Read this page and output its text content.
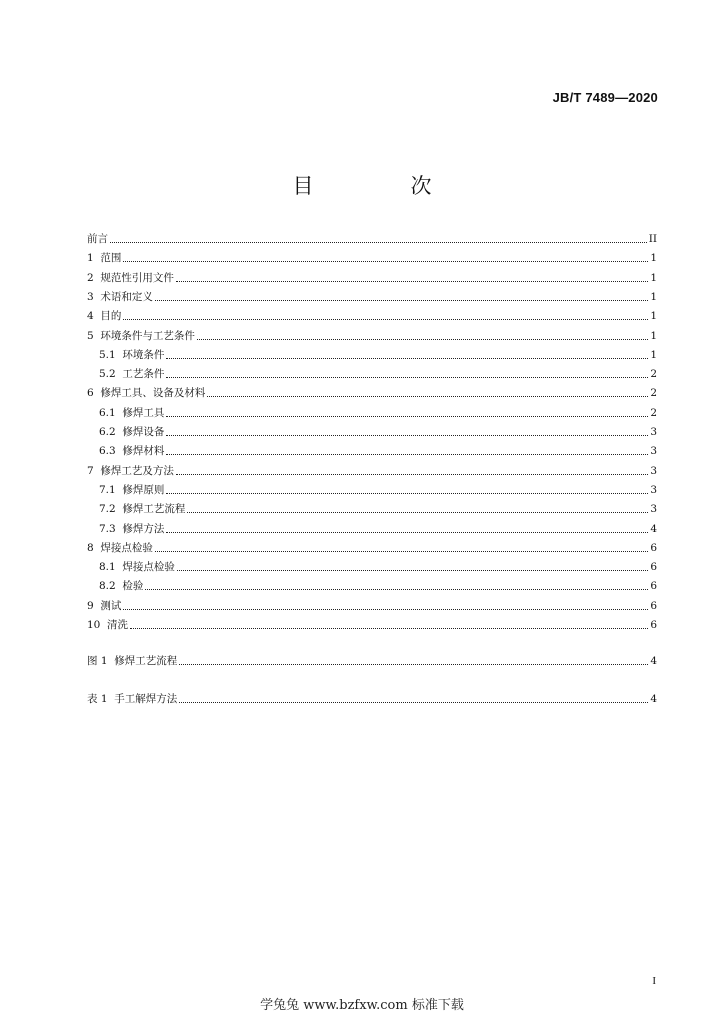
JB/T 7489—2020
目　次
前言	II
1 范围	1
2 规范性引用文件	1
3 术语和定义	1
4 目的	1
5 环境条件与工艺条件	1
5.1 环境条件	1
5.2 工艺条件	2
6 修焊工具、设备及材料	2
6.1 修焊工具	2
6.2 修焊设备	3
6.3 修焊材料	3
7 修焊工艺及方法	3
7.1 修焊原则	3
7.2 修焊工艺流程	3
7.3 修焊方法	4
8 焊接点检验	6
8.1 焊接点检验	6
8.2 检验	6
9 测试	6
10 清洗	6
图 1 修焊工艺流程	4
表 1 手工解焊方法	4
I
学兔兔 www.bzfxw.com 标准下载
